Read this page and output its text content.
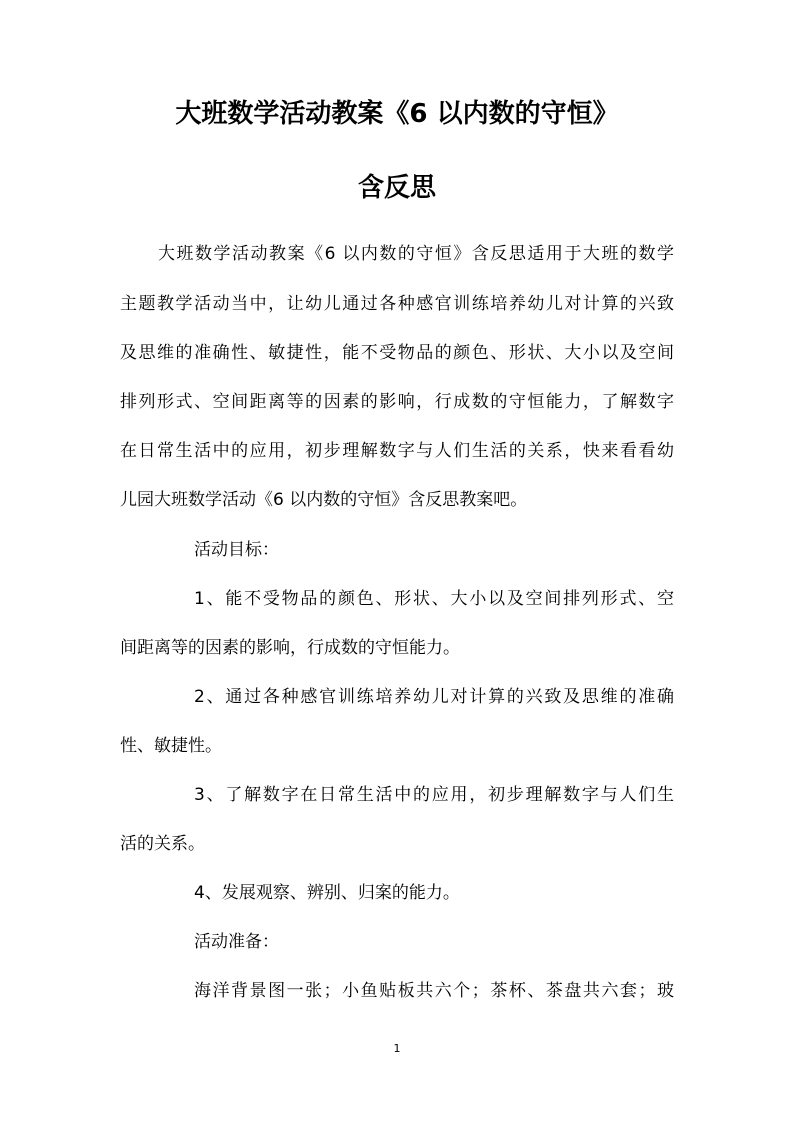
大班数学活动教案《6 以内数的守恒》
含反思
大班数学活动教案《6 以内数的守恒》含反思适用于大班的数学
主题教学活动当中，让幼儿通过各种感官训练培养幼儿对计算的兴致
及思维的准确性、敏捷性，能不受物品的颜色、形状、大小以及空间
排列形式、空间距离等的因素的影响，行成数的守恒能力，了解数字
在日常生活中的应用，初步理解数字与人们生活的关系，快来看看幼
儿园大班数学活动《6 以内数的守恒》含反思教案吧。
活动目标：
1、能不受物品的颜色、形状、大小以及空间排列形式、空
间距离等的因素的影响，行成数的守恒能力。
2、通过各种感官训练培养幼儿对计算的兴致及思维的准确
性、敏捷性。
3、了解数字在日常生活中的应用，初步理解数字与人们生
活的关系。
4、发展观察、辨别、归案的能力。
活动准备：
海洋背景图一张；小鱼贴板共六个；茶杯、茶盘共六套；玻
1
